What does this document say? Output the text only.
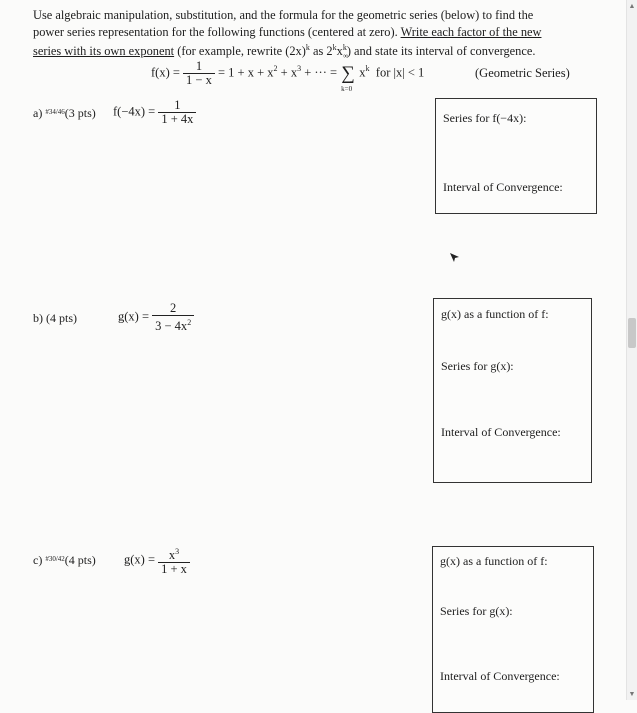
Use algebraic manipulation, substitution, and the formula for the geometric series (below) to find the
power series representation for the following functions (centered at zero). Write each factor of the new
series with its own exponent (for example, rewrite $(2x)^k$ as $2^kx^k$) and state its interval of convergence.
$f(x) = \frac{1}{1 - x} = 1 + x + x^2 + x^3$ + ··· =
∞
∑
k=0
$x^k$ for |x| < 1	(Geometric Series)
a) $^{\#34/46}$(3 pts) $f(-4x) = \frac{1}{1 + 4x}$	Series for f(−4x):
Interval of Convergence:
b) (4 pts)	$g(x) = \frac{2}{3 - 4x^2}$	g(x) as a function of f:
Series for g(x):
Interval of Convergence:
c) $^{\#30/42}$(4 pts) $g(x) = \frac{x^3}{1 + x}$	g(x) as a function of f:
Series for g(x):
Interval of Convergence:
▲
▼
